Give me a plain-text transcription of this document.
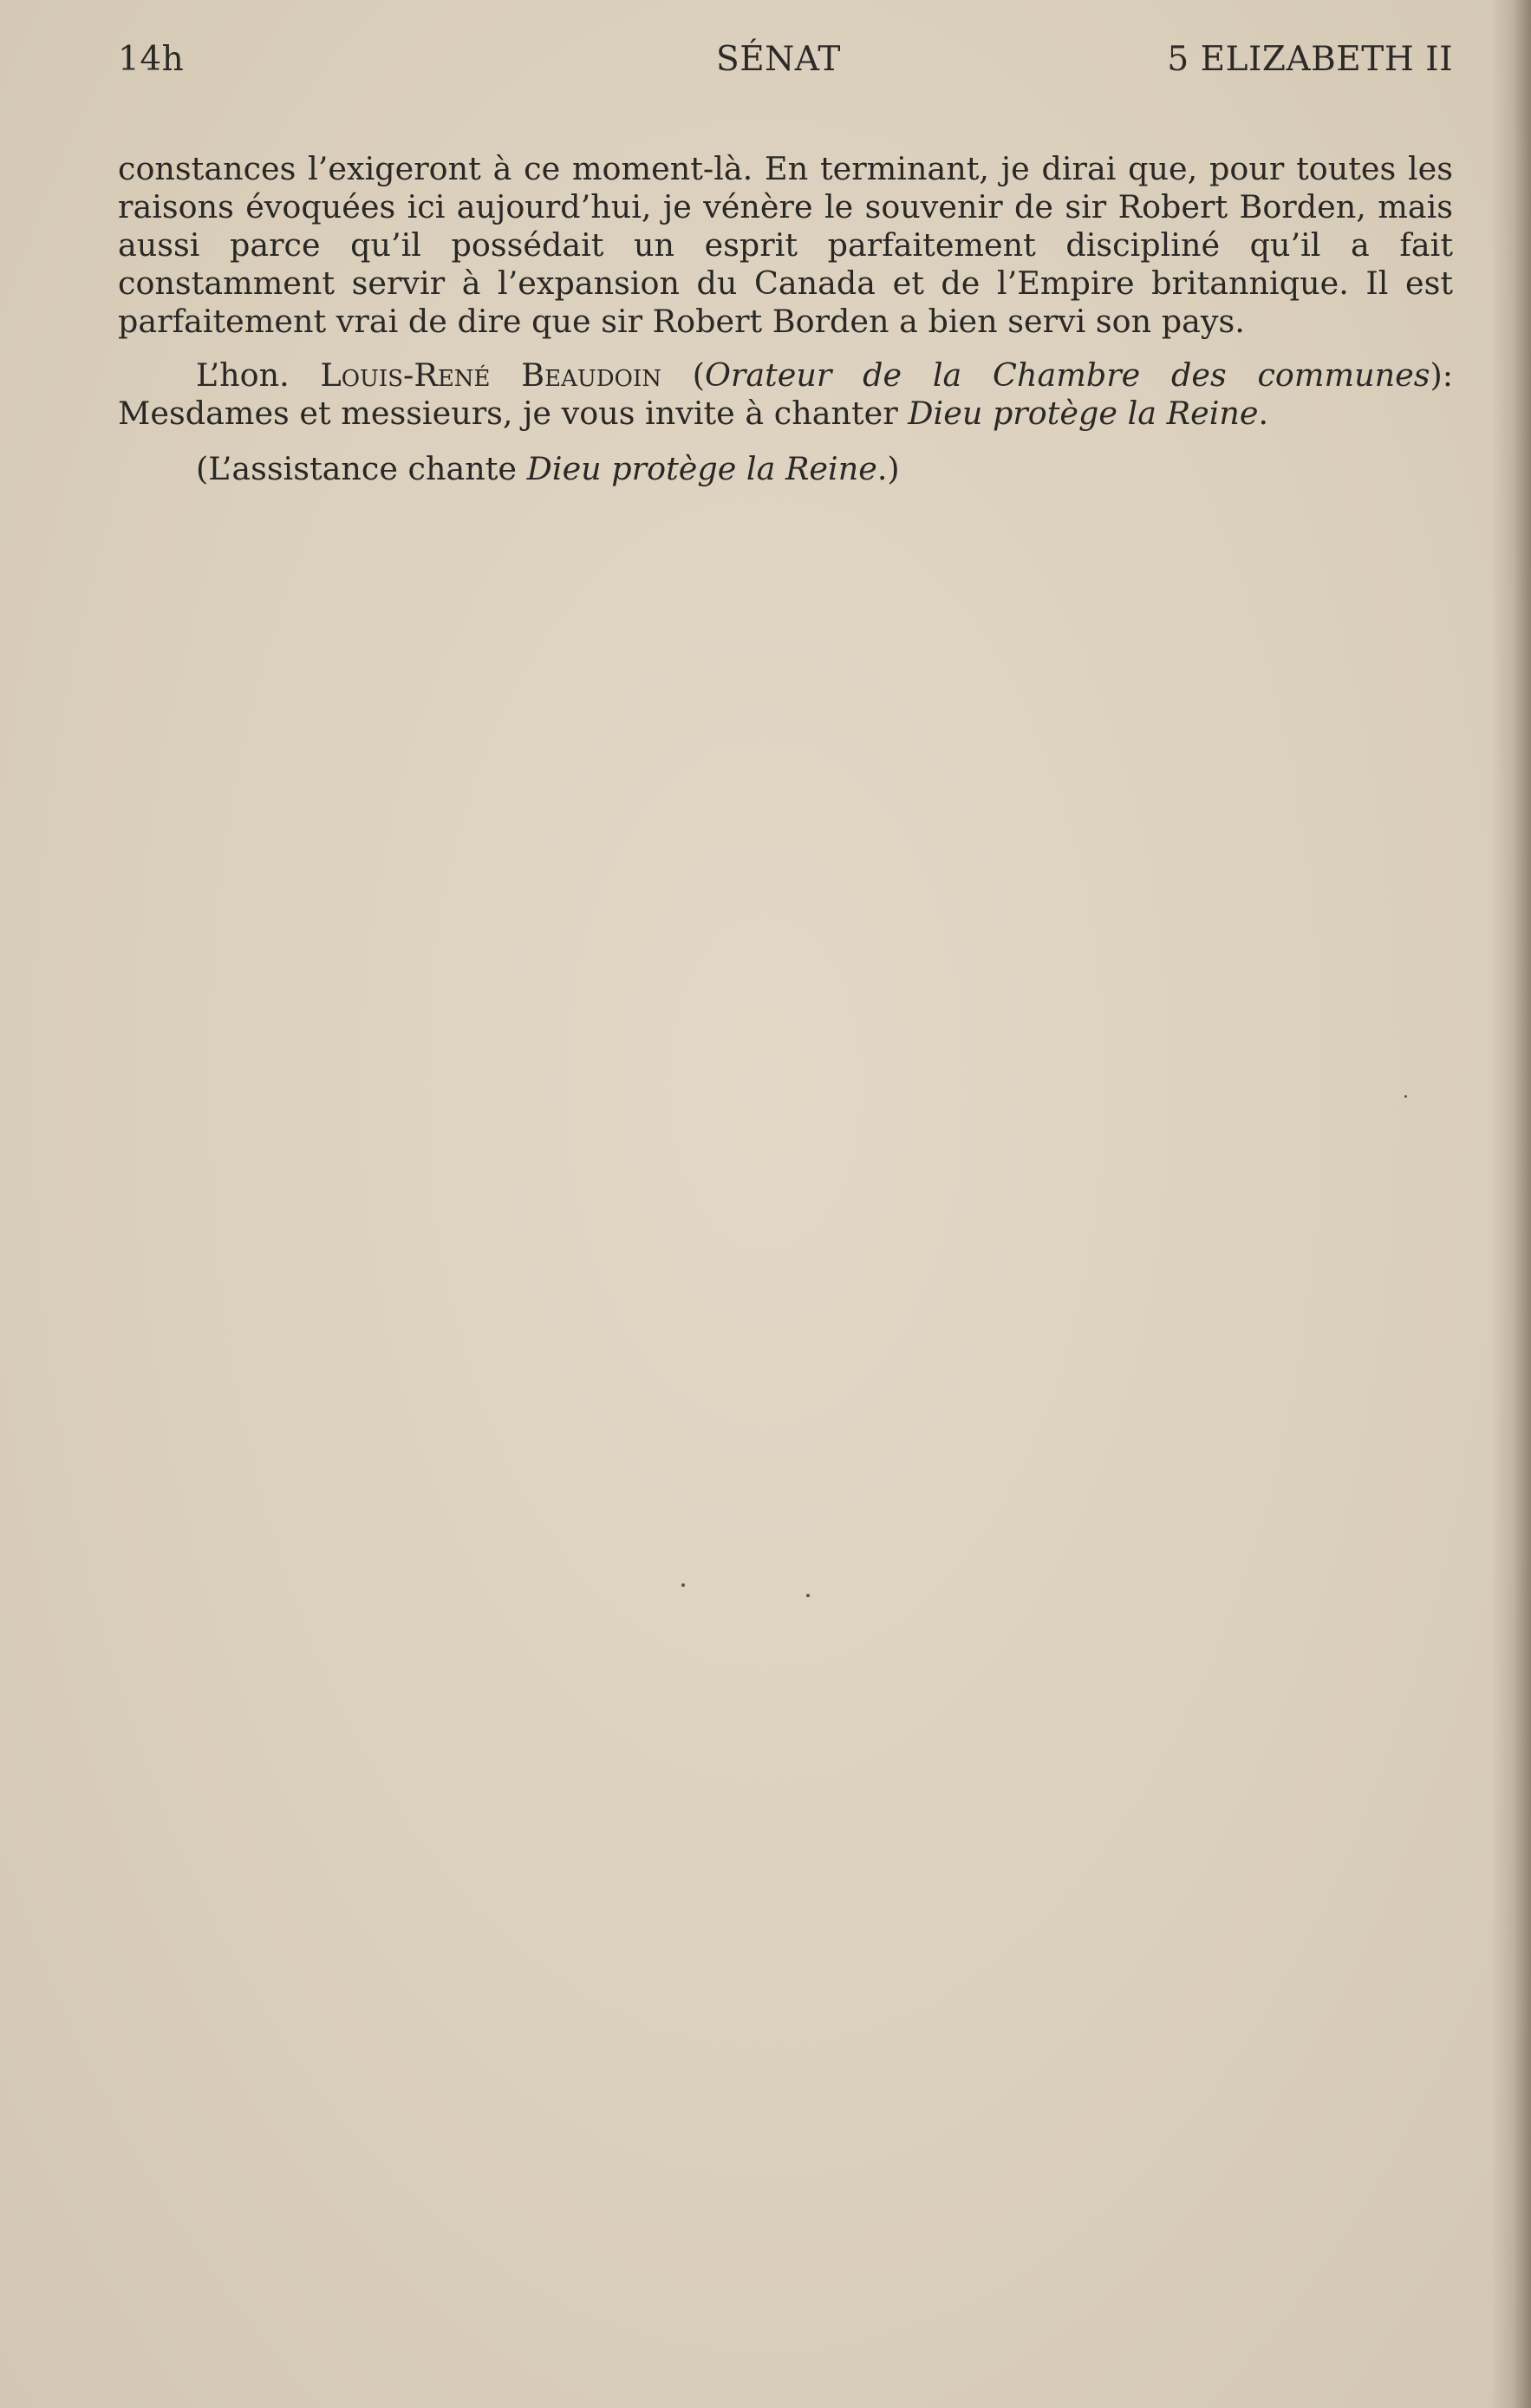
14h	SÉNAT	5 ELIZABETH II

constances l’exigeront à ce moment-là. En terminant, je dirai que, pour toutes les raisons évoquées ici aujourd’hui, je vénère le souvenir de sir Robert Borden, mais aussi parce qu’il possédait un esprit parfaitement discipliné qu’il a fait constamment servir à l’expansion du Canada et de l’Empire britannique. Il est parfaitement vrai de dire que sir Robert Borden a bien servi son pays.

L’hon. Louis-René Beaudoin (Orateur de la Chambre des communes): Mesdames et messieurs, je vous invite à chanter Dieu protège la Reine.

(L’assistance chante Dieu protège la Reine.)
